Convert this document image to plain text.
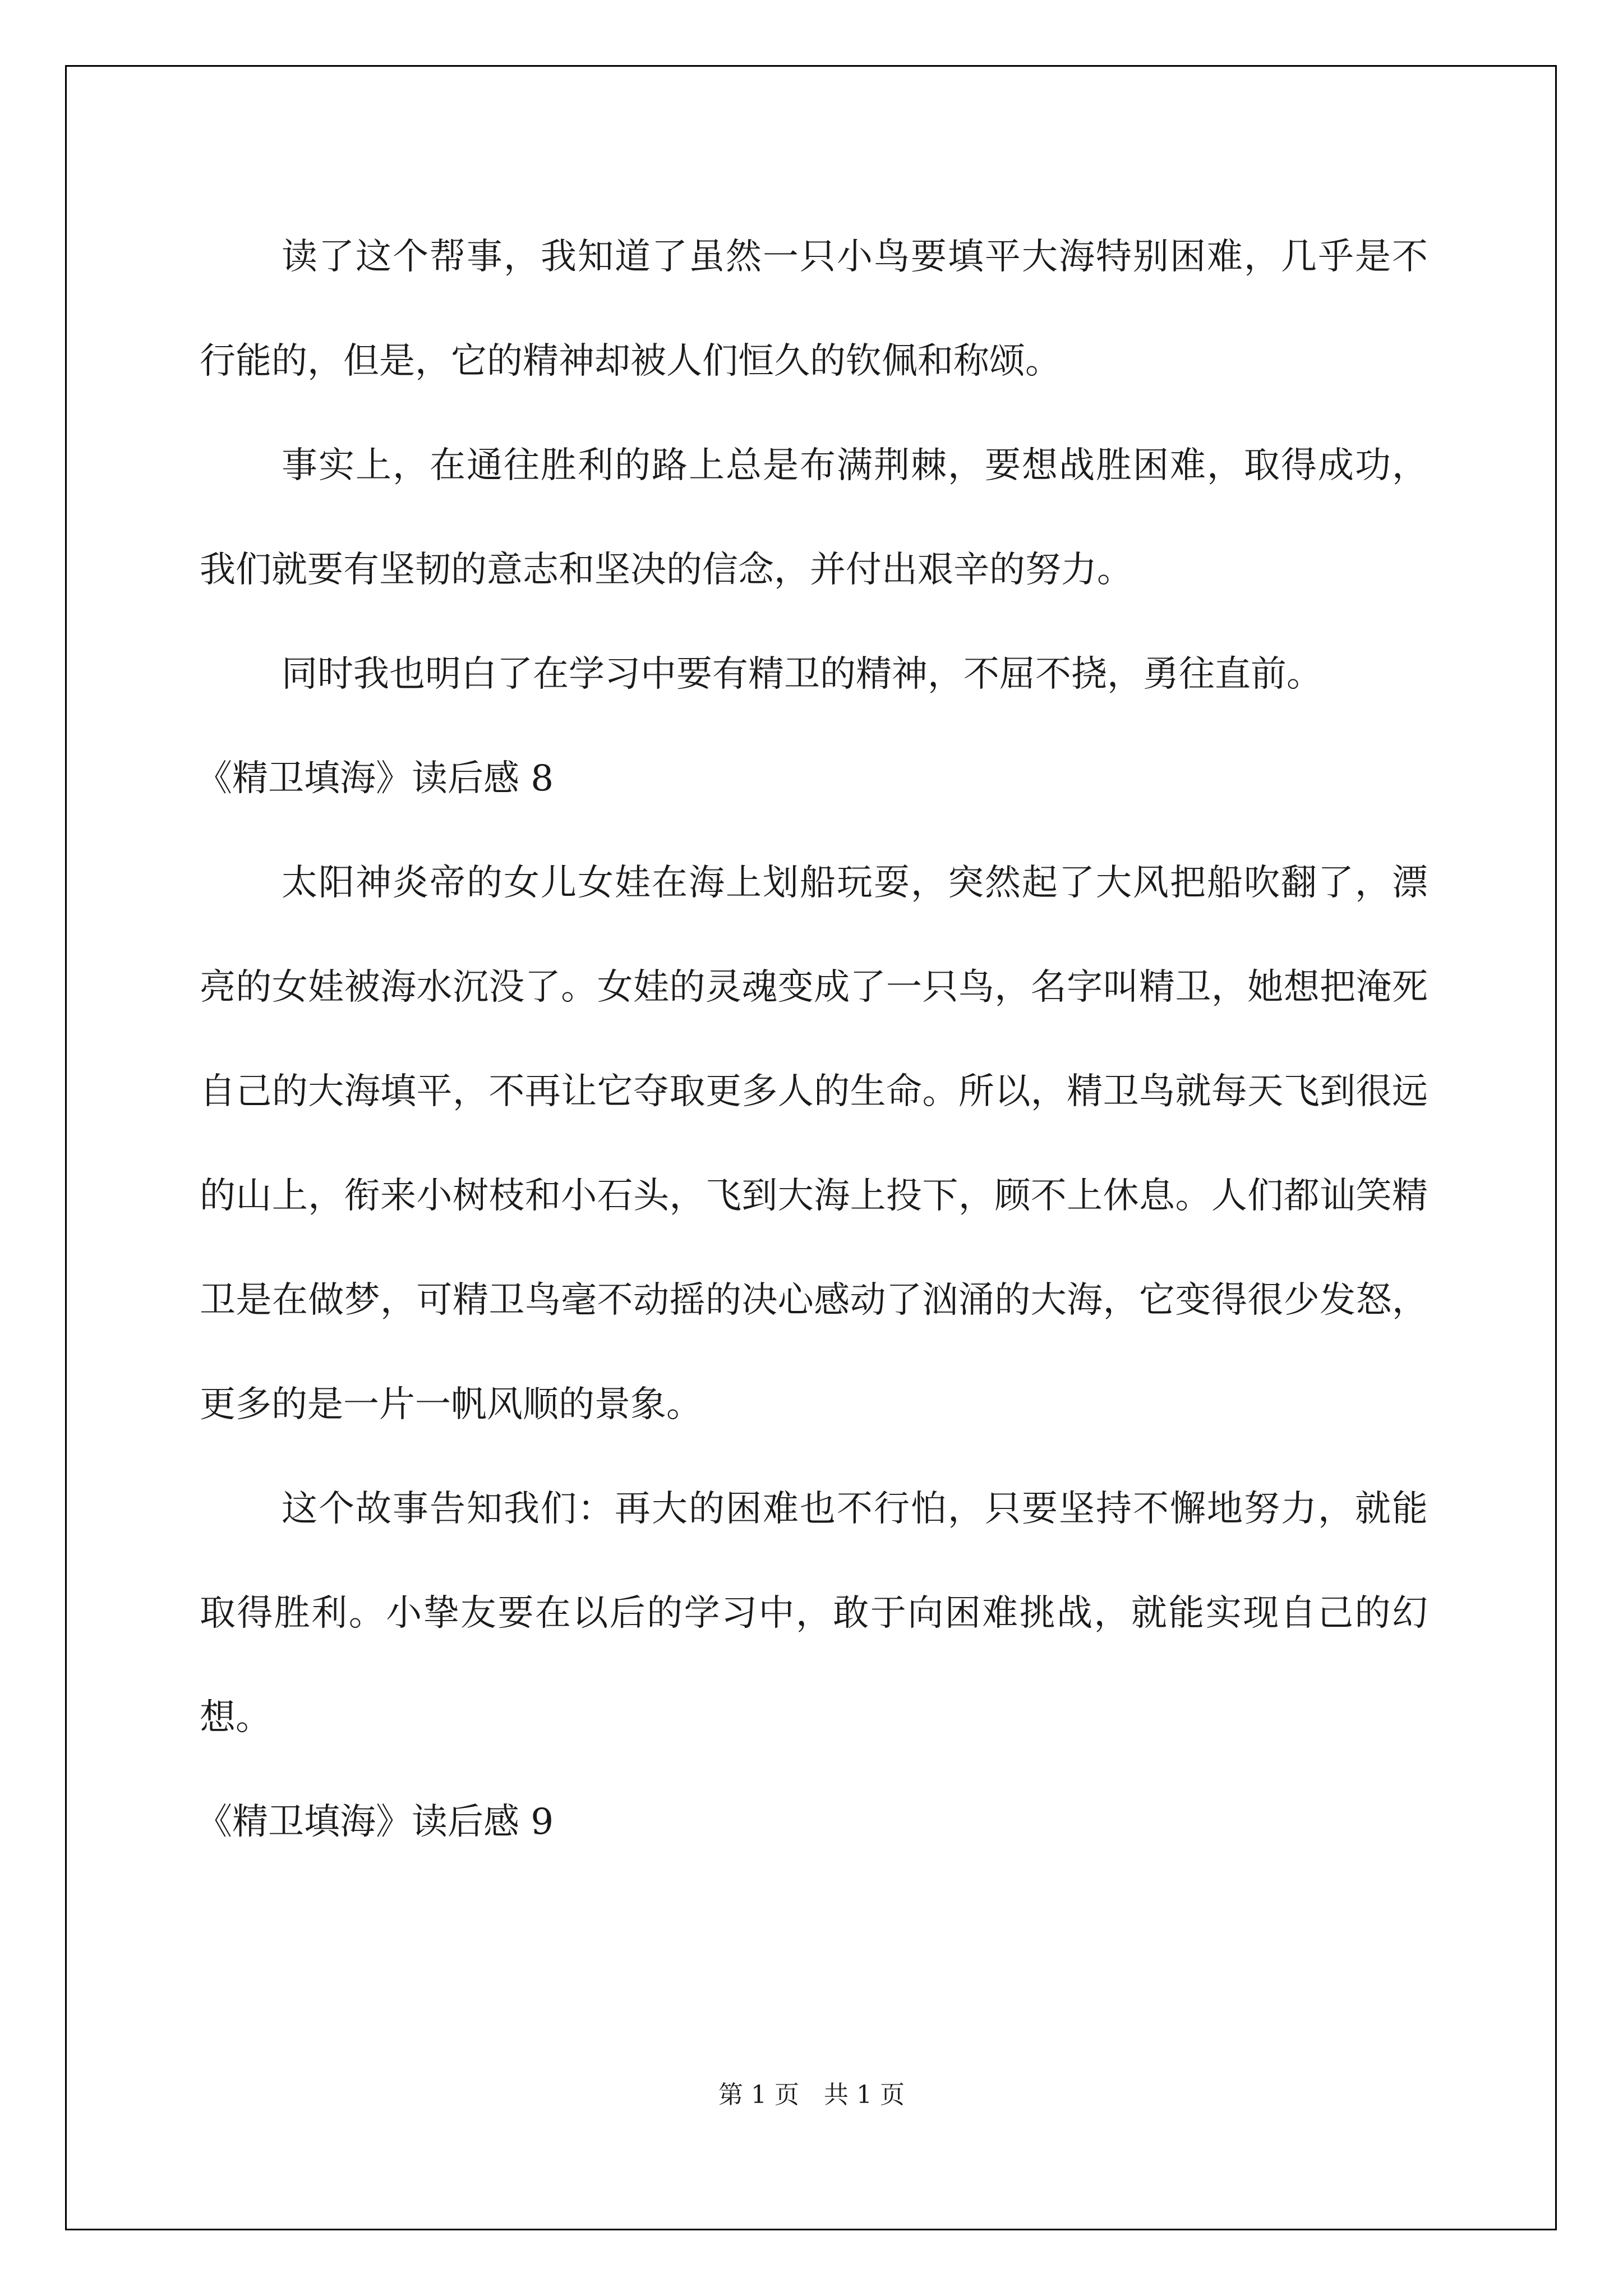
读了这个帮事，我知道了虽然一只小鸟要填平大海特别困难，几乎是不行能的，但是，它的精神却被人们恒久的钦佩和称颂。

事实上，在通往胜利的路上总是布满荆棘，要想战胜困难，取得成功，我们就要有坚韧的意志和坚决的信念，并付出艰辛的努力。

同时我也明白了在学习中要有精卫的精神，不屈不挠，勇往直前。

《精卫填海》读后感 8

太阳神炎帝的女儿女娃在海上划船玩耍，突然起了大风把船吹翻了，漂亮的女娃被海水沉没了。女娃的灵魂变成了一只鸟，名字叫精卫，她想把淹死自己的大海填平，不再让它夺取更多人的生命。所以，精卫鸟就每天飞到很远的山上，衔来小树枝和小石头，飞到大海上投下，顾不上休息。人们都讪笑精卫是在做梦，可精卫鸟毫不动摇的决心感动了汹涌的大海，它变得很少发怒，更多的是一片一帆风顺的景象。

这个故事告知我们：再大的困难也不行怕，只要坚持不懈地努力，就能取得胜利。小挚友要在以后的学习中，敢于向困难挑战，就能实现自己的幻想。

《精卫填海》读后感 9

第 1 页 共 1 页
